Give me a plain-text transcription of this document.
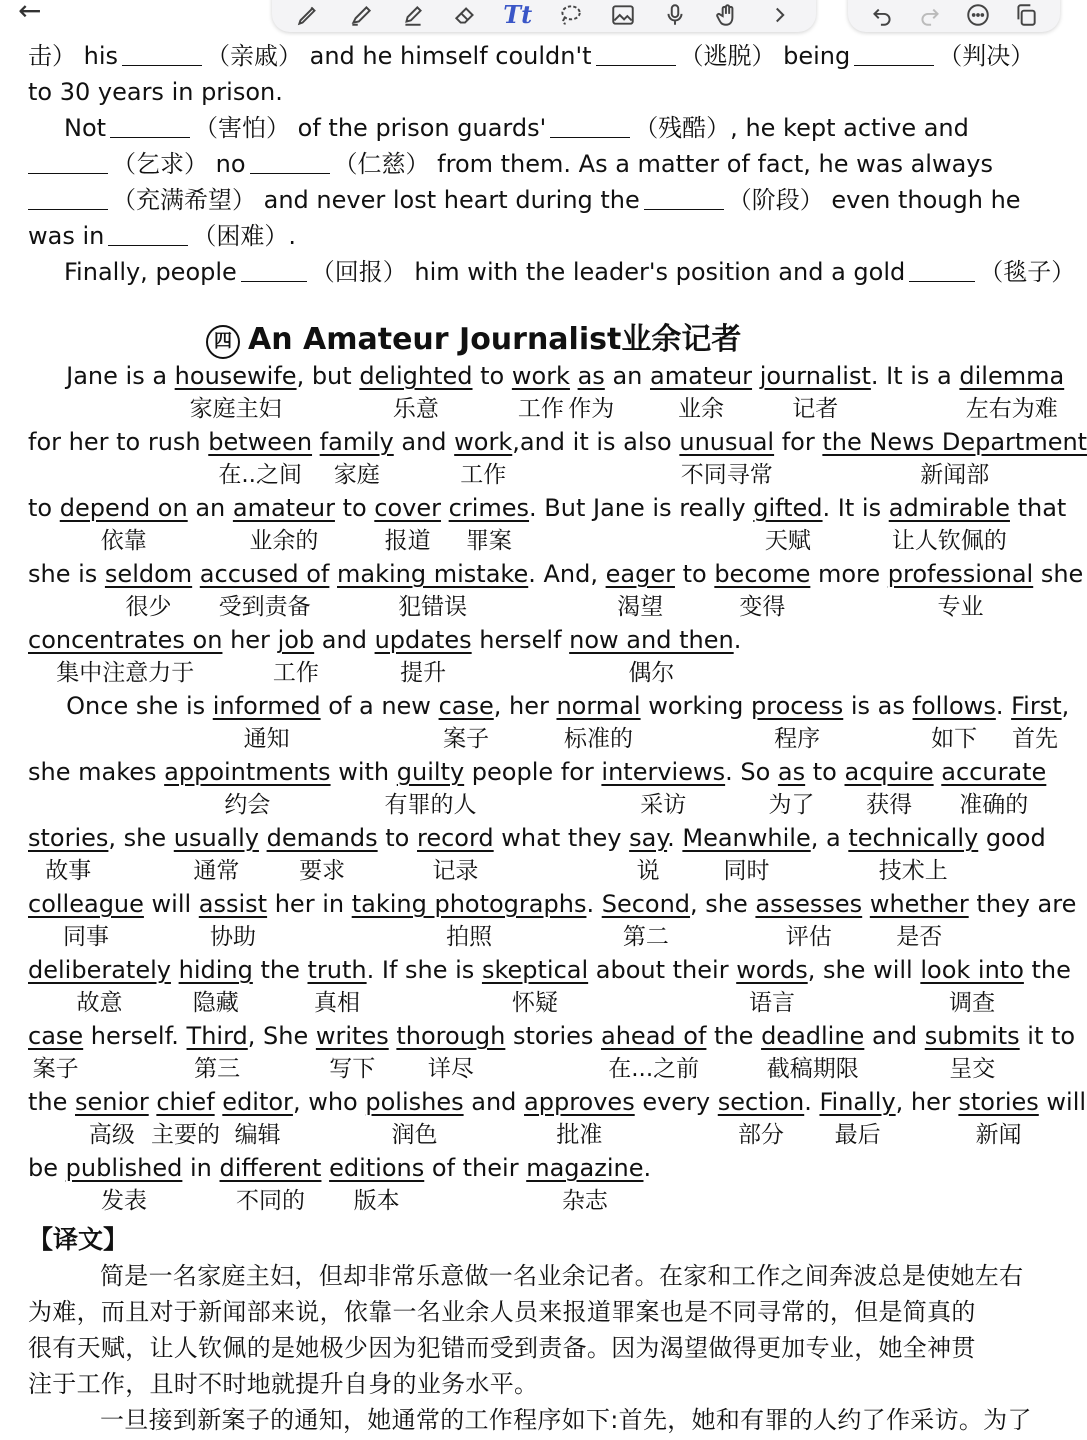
←	Tt
击） his	（亲戚） and he himself couldn't	（逃脱） being	（判决）
to 30 years in prison.
Not	（害怕） of the prison guards'	（残酷）, he kept active and
（乞求） no	（仁慈） from them. As a matter of fact, he was always
（充满希望） and never lost heart during the	（阶段） even though he
was in	（困难）.
Finally, people	（回报） him with the leader's position and a gold	（毯子）
四 An Amateur Journalist业余记者
Jane is a housewife, but delighted to work as an amateur journalist. It is a dilemma
家庭主妇	乐意	工作 作为	业余	记者	左右为难
for her to rush between family and work,and it is also unusual for the News Department
在..之间 家庭	工作	不同寻常	新闻部
to depend on an amateur to cover crimes. But Jane is really gifted. It is admirable that
依靠	业余的	报道 罪案	天赋	让人钦佩的
she is seldom accused of making mistake. And, eager to become more professional she
很少 受到责备	犯错误	渴望	变得	专业
concentrates on her job and updates herself now and then.
集中注意力于	工作	提升	偶尔
Once she is informed of a new case, her normal working process is as follows. First,
通知	案子	标准的	程序	如下 首先
she makes appointments with guilty people for interviews. So as to acquire accurate
约会	有罪的人	采访	为了 获得 准确的
stories, she usually demands to record what they say. Meanwhile, a technically good
故事	通常	要求	记录	说	同时	技术上
colleague will assist her in taking photographs. Second, she assesses whether they are
同事	协助	拍照	第二	评估	是否
deliberately hiding the truth. If she is skeptical about their words, she will look into the
故意	隐藏	真相	怀疑	语言	调查
case herself. Third, She writes thorough stories ahead of the deadline and submits it to
案子	第三	写下 详尽	在...之前	截稿期限	呈交
the senior chief editor, who polishes and approves every section. Finally, her stories will
高级 主要的 编辑	润色	批准	部分 最后	新闻
be published in different editions of their magazine.
发表	不同的 版本	杂志
【译文】
简是一名家庭主妇，但却非常乐意做一名业余记者。在家和工作之间奔波总是使她左右
为难，而且对于新闻部来说，依靠一名业余人员来报道罪案也是不同寻常的，但是简真的
很有天赋，让人钦佩的是她极少因为犯错而受到责备。因为渴望做得更加专业，她全神贯
注于工作，且时不时地就提升自身的业务水平。
一旦接到新案子的通知，她通常的工作程序如下:首先，她和有罪的人约了作采访。为了
